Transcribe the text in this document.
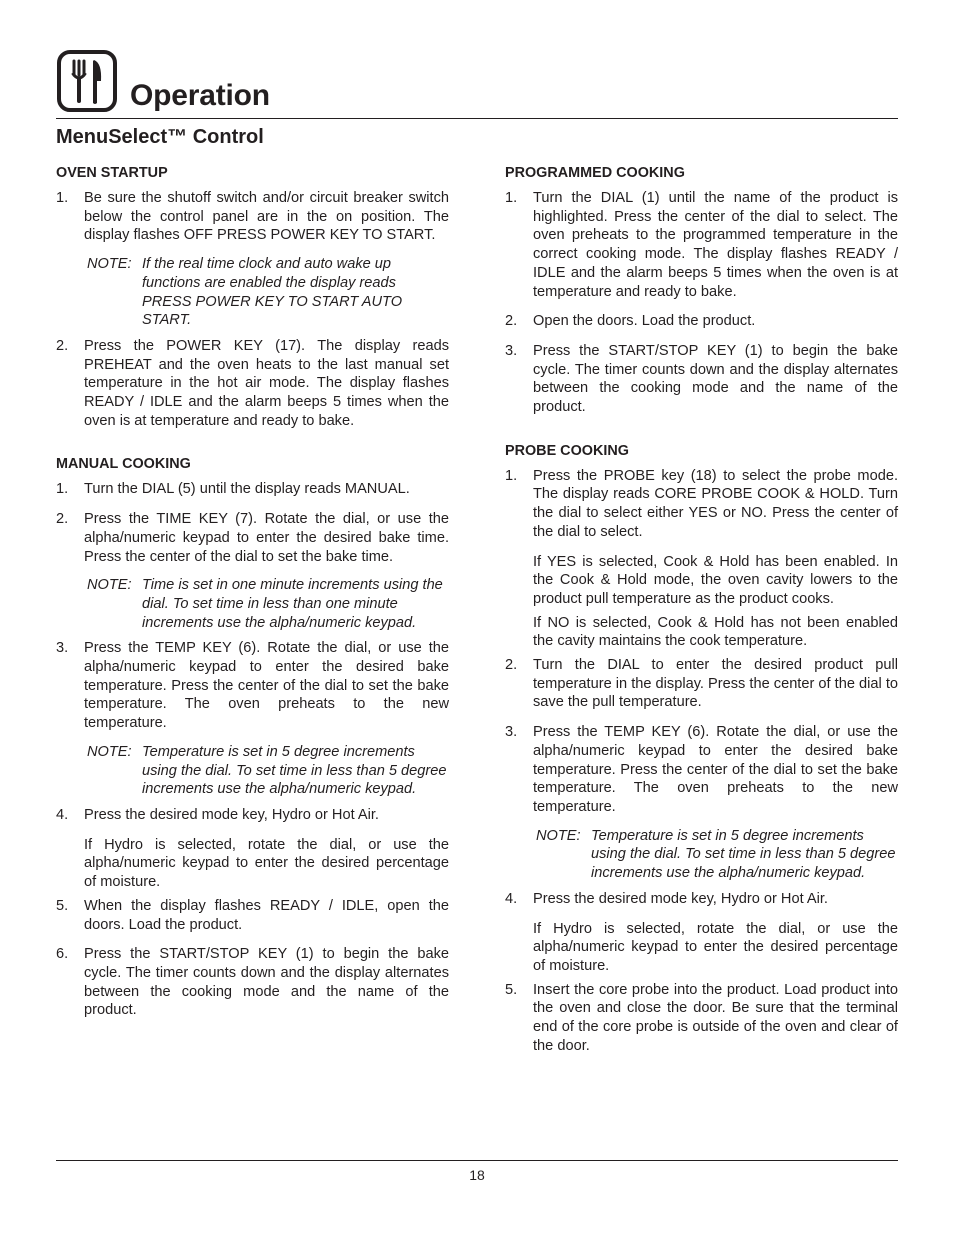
Operation
MenuSelect™ Control
OVEN STARTUP
1. Be sure the shutoff switch and/or circuit breaker switch below the control panel are in the on position. The display flashes OFF PRESS POWER KEY TO START.
NOTE: If the real time clock and auto wake up functions are enabled the display reads PRESS POWER KEY TO START AUTO START.
2. Press the POWER KEY (17). The display reads PREHEAT and the oven heats to the last manual set temperature in the hot air mode. The display flashes READY / IDLE and the alarm beeps 5 times when the oven is at temperature and ready to bake.
MANUAL COOKING
1. Turn the DIAL (5) until the display reads MANUAL.
2. Press the TIME KEY (7). Rotate the dial, or use the alpha/numeric keypad to enter the desired bake time. Press the center of the dial to set the bake time.
NOTE: Time is set in one minute increments using the dial. To set time in less than one minute increments use the alpha/numeric keypad.
3. Press the TEMP KEY (6). Rotate the dial, or use the alpha/numeric keypad to enter the desired bake temperature. Press the center of the dial to set the bake temperature. The oven preheats to the new temperature.
NOTE: Temperature is set in 5 degree increments using the dial. To set time in less than 5 degree increments use the alpha/numeric keypad.
4. Press the desired mode key, Hydro or Hot Air.
If Hydro is selected, rotate the dial, or use the alpha/numeric keypad to enter the desired percentage of moisture.
5. When the display flashes READY / IDLE, open the doors. Load the product.
6. Press the START/STOP KEY (1) to begin the bake cycle. The timer counts down and the display alternates between the cooking mode and the name of the product.
PROGRAMMED COOKING
1. Turn the DIAL (1) until the name of the product is highlighted. Press the center of the dial to select. The oven preheats to the programmed temperature in the correct cooking mode. The display flashes READY / IDLE and the alarm beeps 5 times when the oven is at temperature and ready to bake.
2. Open the doors. Load the product.
3. Press the START/STOP KEY (1) to begin the bake cycle. The timer counts down and the display alternates between the cooking mode and the name of the product.
PROBE COOKING
1. Press the PROBE key (18) to select the probe mode. The display reads CORE PROBE COOK & HOLD. Turn the dial to select either YES or NO. Press the center of the dial to select.
If YES is selected, Cook & Hold has been enabled. In the Cook & Hold mode, the oven cavity lowers to the product pull temperature as the product cooks.
If NO is selected, Cook & Hold has not been enabled the cavity maintains the cook temperature.
2. Turn the DIAL to enter the desired product pull temperature in the display. Press the center of the dial to save the pull temperature.
3. Press the TEMP KEY (6). Rotate the dial, or use the alpha/numeric keypad to enter the desired bake temperature. Press the center of the dial to set the bake temperature. The oven preheats to the new temperature.
NOTE: Temperature is set in 5 degree increments using the dial. To set time in less than 5 degree increments use the alpha/numeric keypad.
4. Press the desired mode key, Hydro or Hot Air.
If Hydro is selected, rotate the dial, or use the alpha/numeric keypad to enter the desired percentage of moisture.
5. Insert the core probe into the product. Load product into the oven and close the door. Be sure that the terminal end of the core probe is outside of the oven and clear of the door.
18
